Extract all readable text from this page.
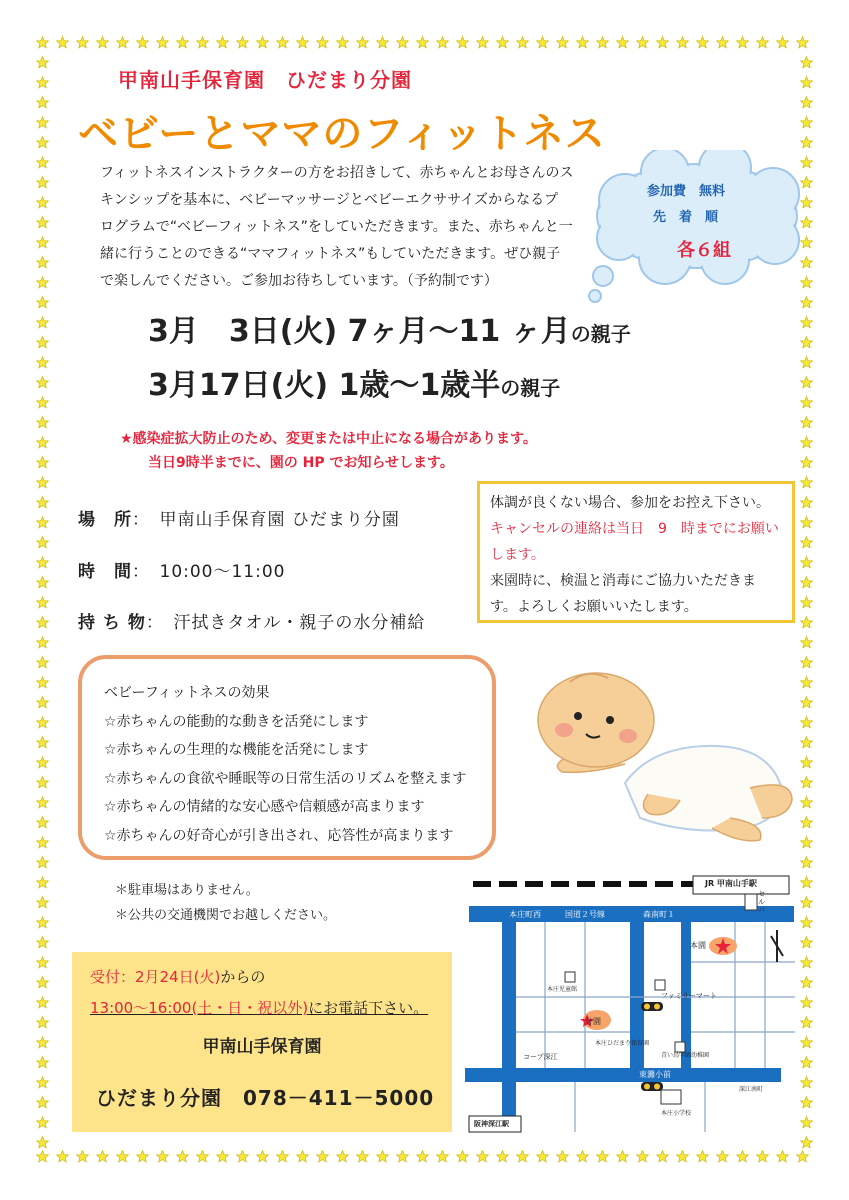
甲南山手保育園　ひだまり分園
ベビーとママのフィットネス
フィットネスインストラクターの方をお招きして、赤ちゃんとお母さんのス
キンシップを基本に、ベビーマッサージとベビーエクササイズからなるプ
ログラムで“ベビーフィットネス”をしていただきます。また、赤ちゃんと一
緒に行うことのできる“ママフィットネス”もしていただきます。ぜひ親子
で楽しんでください。ご参加お待ちしています。（予約制です）
参加費　無料
先　着　順
各６組
3月　3日(火) 7ヶ月～11 ヶ月の親子
3月17日(火) 1歳～1歳半の親子
★感染症拡大防止のため、変更または中止になる場合があります。
当日9時半までに、園の HP でお知らせします。
場　所：　甲南山手保育園 ひだまり分園
時　間：　10:00～11:00
持 ち 物：　汗拭きタオル・親子の水分補給
体調が良くない場合、参加をお控え下さい。
キャンセルの連絡は当日　9　時までにお願い
します。
来園時に、検温と消毒にご協力いただきま
す。よろしくお願いいたします。
ベビーフィットネスの効果
☆赤ちゃんの能動的な動きを活発にします
☆赤ちゃんの生理的な機能を活発にします
☆赤ちゃんの食欲や睡眠等の日常生活のリズムを整えます
☆赤ちゃんの情緒的な安心感や信頼感が高まります
☆赤ちゃんの好奇心が引き出され、応答性が高まります
＊駐車場はありません。
＊公共の交通機関でお越しください。
甲南山手保育園
受付：2月24日(火)からの
13:00～16:00(土・日・祝以外)にお電話下さい。
ひだまり分園　078－411－5000
JR 甲南山手駅
セルバ
本庄町西	国道２号線	森南町１
本園
分園
ファミリーマート
本庄児童館
コープ深江
本庄ひだまり保育園
青い鳥学園幼稚園
東灘小前
深江南町
本庄小学校
阪神深江駅
